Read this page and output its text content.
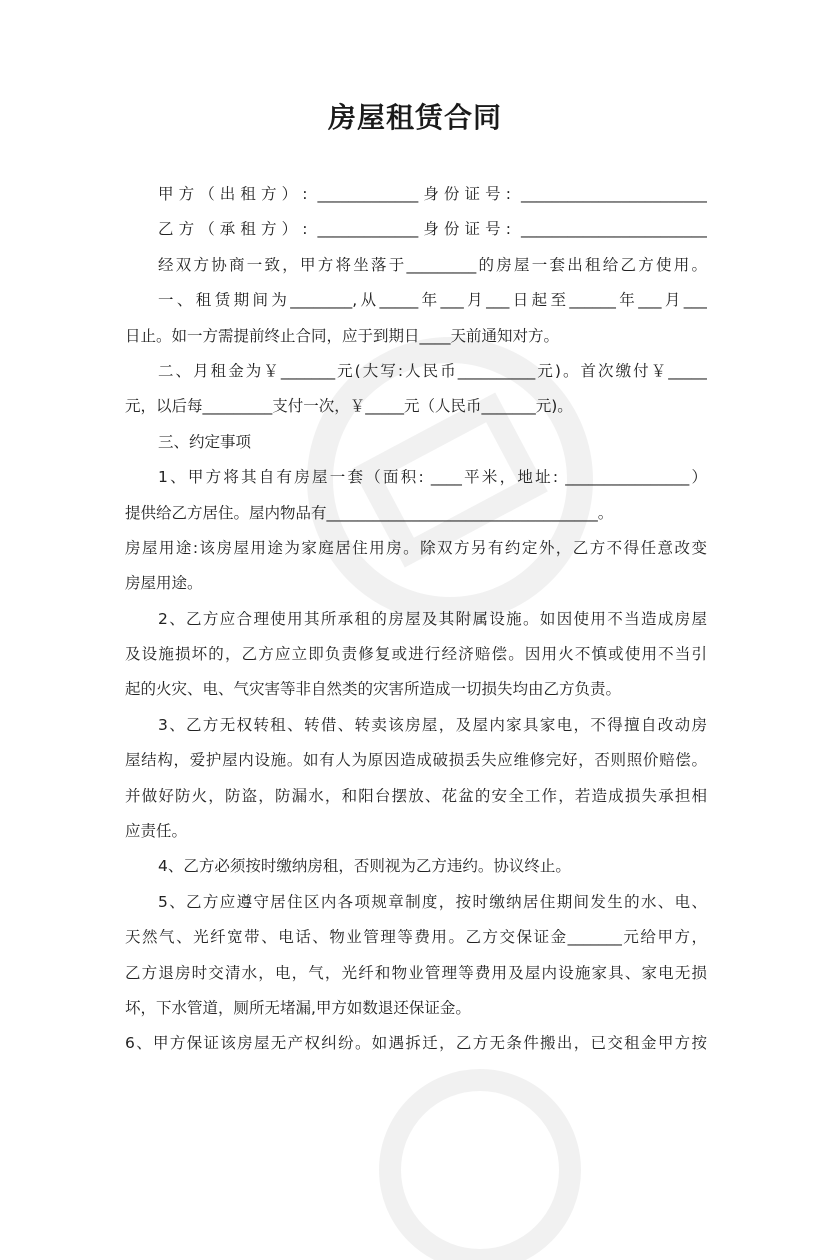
房屋租赁合同
甲方（出租方）: _____________身份证号: ________________________
乙方（承租方）: _____________身份证号: ________________________
经双方协商一致，甲方将坐落于_________的房屋一套出租给乙方使用。
一、租赁期间为________,从_____年___月___日起至______年___月___
日止。如一方需提前终止合同，应于到期日____天前通知对方。
二、月租金为￥_______元(大写:人民币__________元)。首次缴付￥_____
元，以后每_________支付一次，￥_____元（人民币_______元)。
三、约定事项
1、甲方将其自有房屋一套（面积: ____平米，地址: ________________）
提供给乙方居住。屋内物品有___________________________________。
房屋用途:该房屋用途为家庭居住用房。除双方另有约定外，乙方不得任意改变
房屋用途。
2、乙方应合理使用其所承租的房屋及其附属设施。如因使用不当造成房屋
及设施损坏的，乙方应立即负责修复或进行经济赔偿。因用火不慎或使用不当引
起的火灾、电、气灾害等非自然类的灾害所造成一切损失均由乙方负责。
3、乙方无权转租、转借、转卖该房屋，及屋内家具家电，不得擅自改动房
屋结构，爱护屋内设施。如有人为原因造成破损丢失应维修完好，否则照价赔偿。
并做好防火，防盗，防漏水，和阳台摆放、花盆的安全工作，若造成损失承担相
应责任。
4、乙方必须按时缴纳房租，否则视为乙方违约。协议终止。
5、乙方应遵守居住区内各项规章制度，按时缴纳居住期间发生的水、电、
天然气、光纤宽带、电话、物业管理等费用。乙方交保证金_______元给甲方，
乙方退房时交清水，电，气，光纤和物业管理等费用及屋内设施家具、家电无损
坏，下水管道，厕所无堵漏,甲方如数退还保证金。
6、甲方保证该房屋无产权纠纷。如遇拆迁，乙方无条件搬出，已交租金甲方按
